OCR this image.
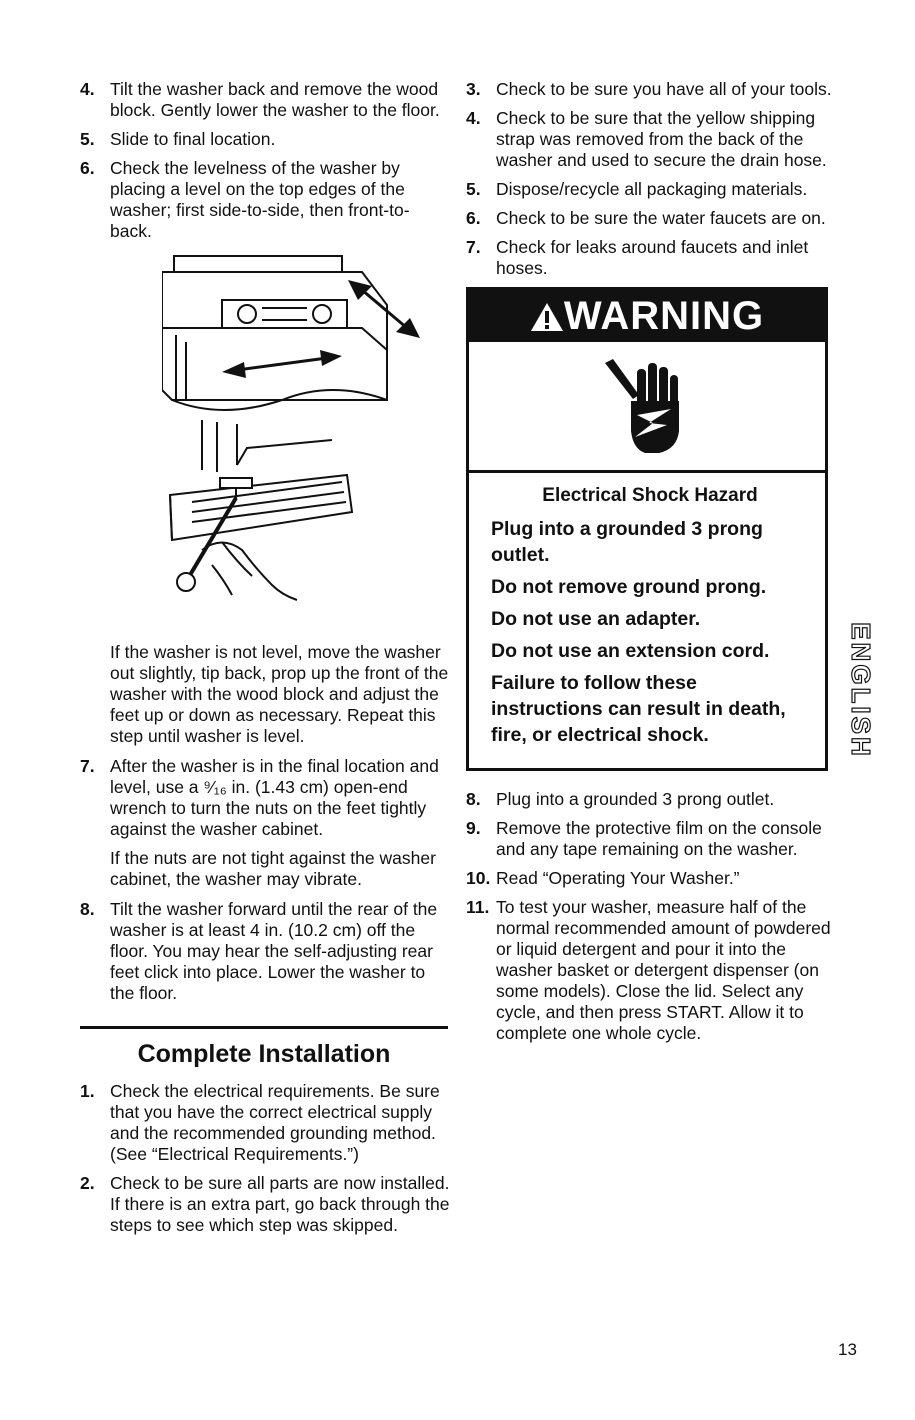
4. Tilt the washer back and remove the wood block. Gently lower the washer to the floor.
5. Slide to final location.
6. Check the levelness of the washer by placing a level on the top edges of the washer; first side-to-side, then front-to-back.
If the washer is not level, move the washer out slightly, tip back, prop up the front of the washer with the wood block and adjust the feet up or down as necessary. Repeat this step until washer is level.
7. After the washer is in the final location and level, use a ⁹⁄₁₆ in. (1.43 cm) open-end wrench to turn the nuts on the feet tightly against the washer cabinet.
If the nuts are not tight against the washer cabinet, the washer may vibrate.
8. Tilt the washer forward until the rear of the washer is at least 4 in. (10.2 cm) off the floor. You may hear the self-adjusting rear feet click into place. Lower the washer to the floor.
Complete Installation
1. Check the electrical requirements. Be sure that you have the correct electrical supply and the recommended grounding method. (See “Electrical Requirements.”)
2. Check to be sure all parts are now installed. If there is an extra part, go back through the steps to see which step was skipped.
3. Check to be sure you have all of your tools.
4. Check to be sure that the yellow shipping strap was removed from the back of the washer and used to secure the drain hose.
5. Dispose/recycle all packaging materials.
6. Check to be sure the water faucets are on.
7. Check for leaks around faucets and inlet hoses.
WARNING
Electrical Shock Hazard
Plug into a grounded 3 prong outlet.
Do not remove ground prong.
Do not use an adapter.
Do not use an extension cord.
Failure to follow these instructions can result in death, fire, or electrical shock.
8. Plug into a grounded 3 prong outlet.
9. Remove the protective film on the console and any tape remaining on the washer.
10. Read “Operating Your Washer.”
11. To test your washer, measure half of the normal recommended amount of powdered or liquid detergent and pour it into the washer basket or detergent dispenser (on some models). Close the lid. Select any cycle, and then press START. Allow it to complete one whole cycle.
ENGLISH
13
